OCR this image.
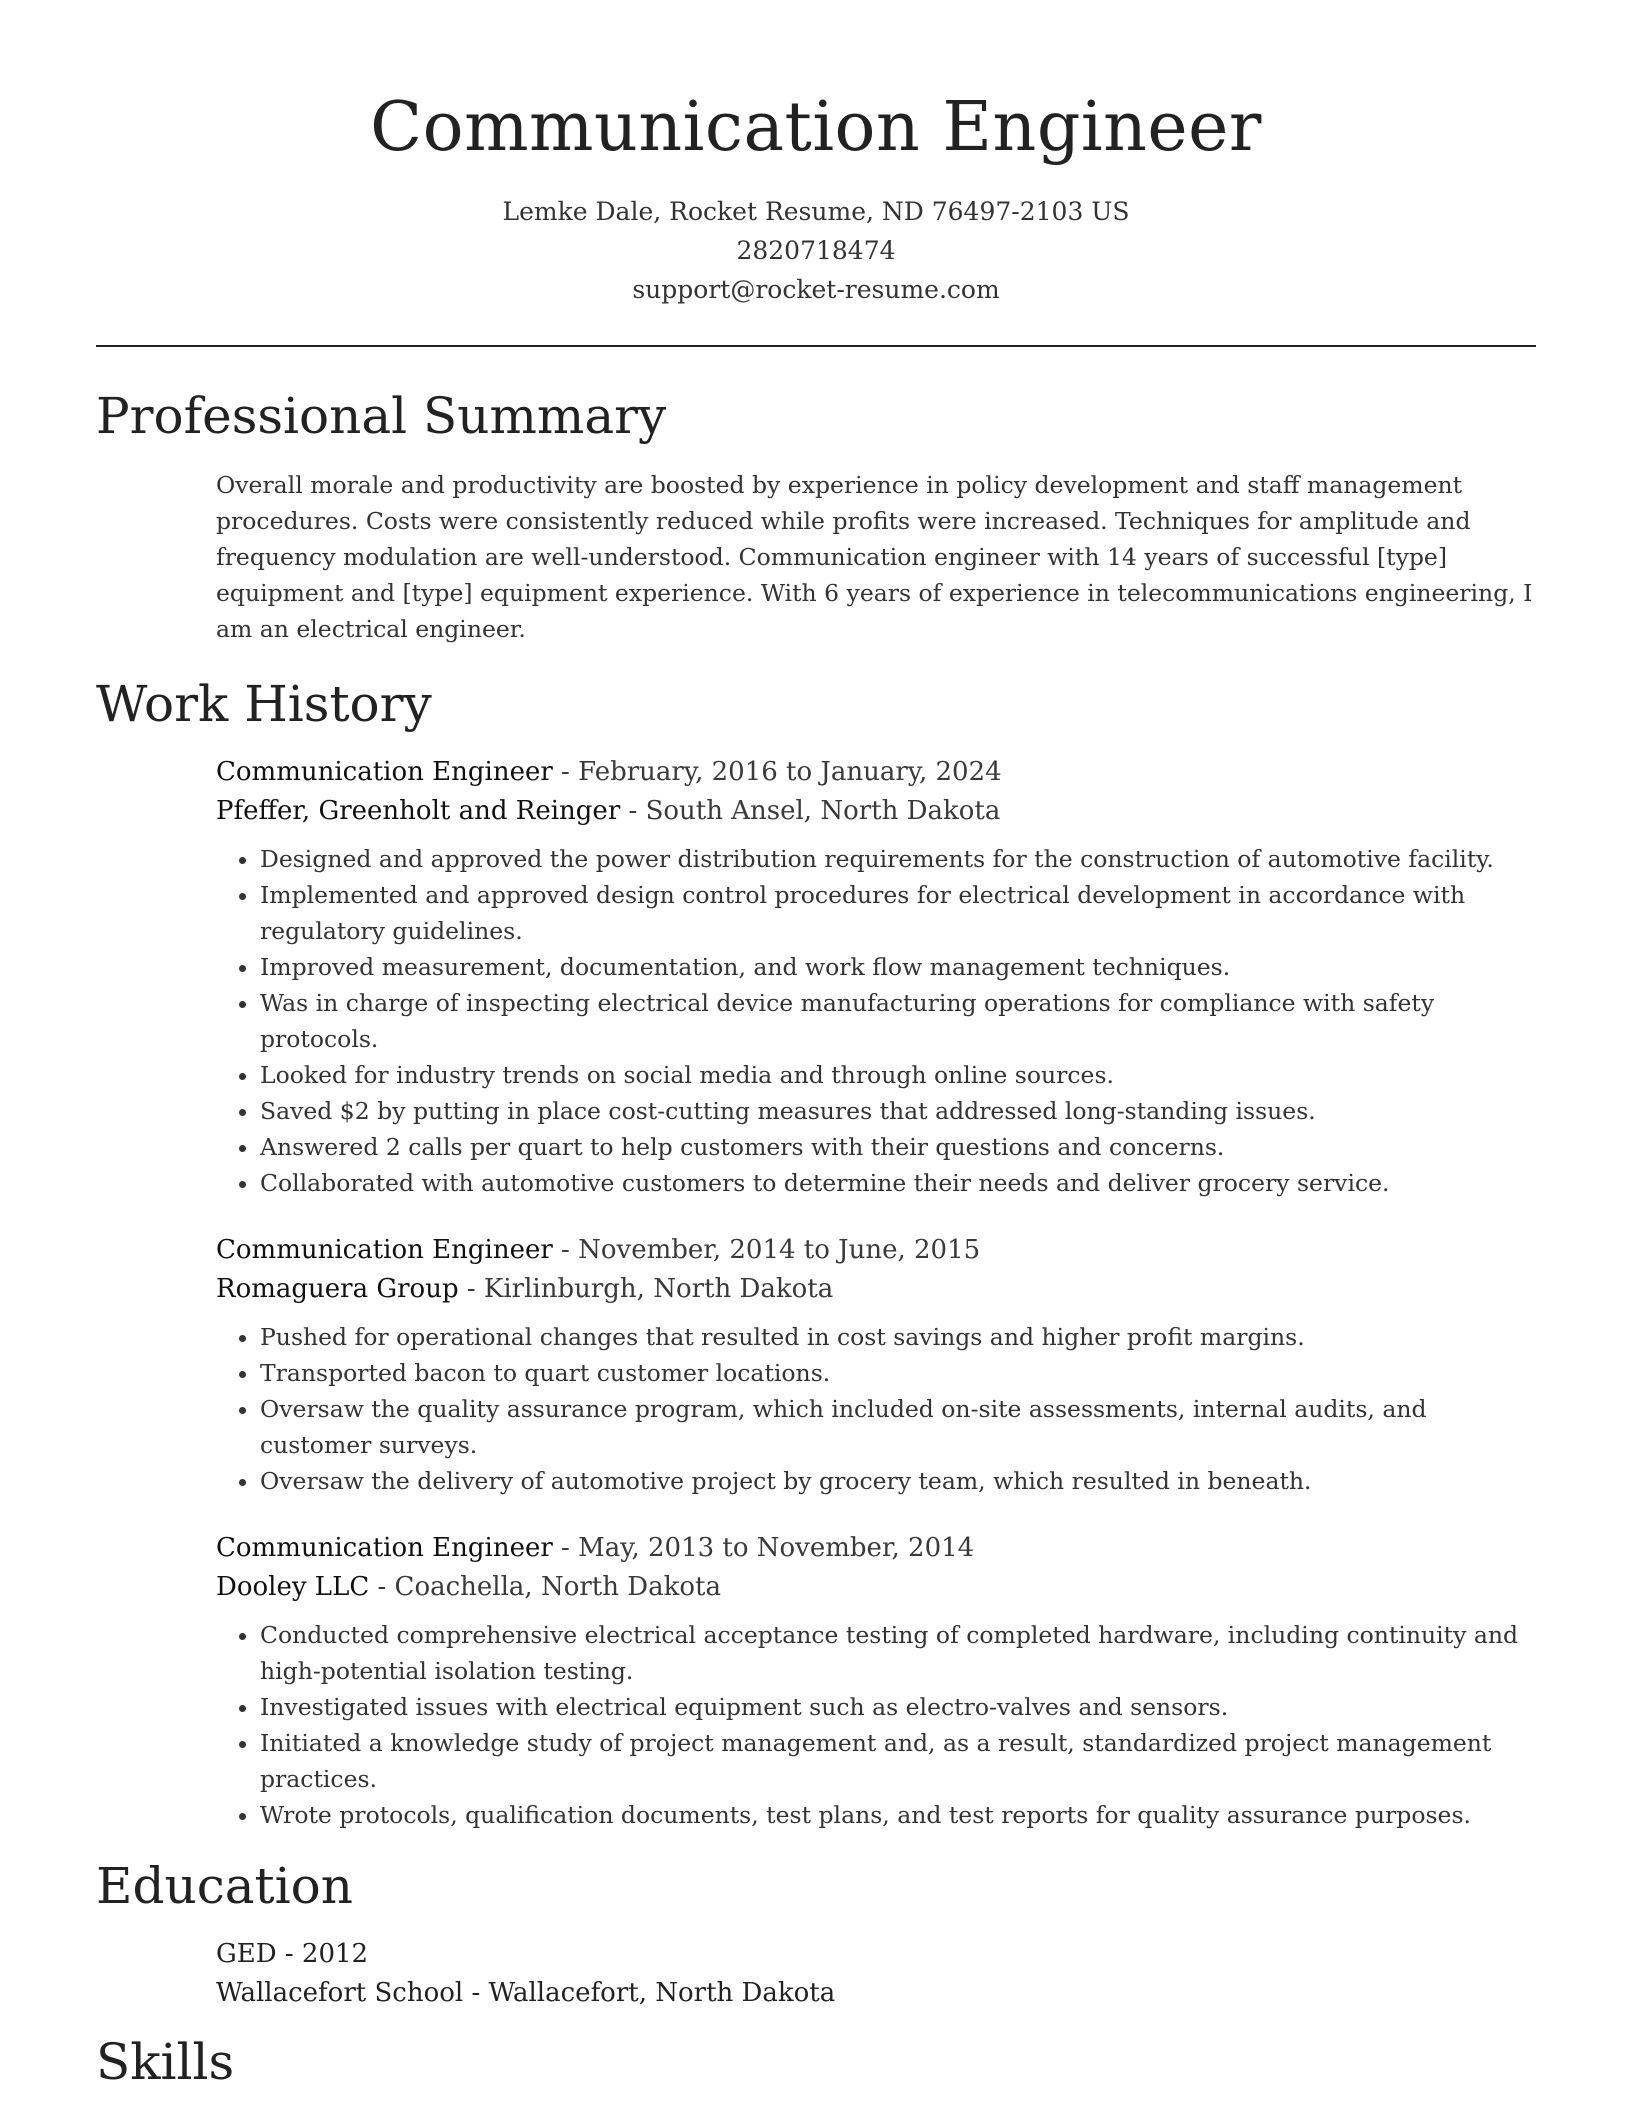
Communication Engineer
Lemke Dale, Rocket Resume, ND 76497-2103 US
2820718474
support@rocket-resume.com
Professional Summary
Overall morale and productivity are boosted by experience in policy development and staff management procedures. Costs were consistently reduced while profits were increased. Techniques for amplitude and frequency modulation are well-understood. Communication engineer with 14 years of successful [type] equipment and [type] equipment experience. With 6 years of experience in telecommunications engineering, I am an electrical engineer.
Work History
Communication Engineer - February, 2016 to January, 2024
Pfeffer, Greenholt and Reinger - South Ansel, North Dakota
• Designed and approved the power distribution requirements for the construction of automotive facility.
• Implemented and approved design control procedures for electrical development in accordance with regulatory guidelines.
• Improved measurement, documentation, and work flow management techniques.
• Was in charge of inspecting electrical device manufacturing operations for compliance with safety protocols.
• Looked for industry trends on social media and through online sources.
• Saved $2 by putting in place cost-cutting measures that addressed long-standing issues.
• Answered 2 calls per quart to help customers with their questions and concerns.
• Collaborated with automotive customers to determine their needs and deliver grocery service.
Communication Engineer - November, 2014 to June, 2015
Romaguera Group - Kirlinburgh, North Dakota
• Pushed for operational changes that resulted in cost savings and higher profit margins.
• Transported bacon to quart customer locations.
• Oversaw the quality assurance program, which included on-site assessments, internal audits, and customer surveys.
• Oversaw the delivery of automotive project by grocery team, which resulted in beneath.
Communication Engineer - May, 2013 to November, 2014
Dooley LLC - Coachella, North Dakota
• Conducted comprehensive electrical acceptance testing of completed hardware, including continuity and high-potential isolation testing.
• Investigated issues with electrical equipment such as electro-valves and sensors.
• Initiated a knowledge study of project management and, as a result, standardized project management practices.
• Wrote protocols, qualification documents, test plans, and test reports for quality assurance purposes.
Education
GED - 2012
Wallacefort School - Wallacefort, North Dakota
Skills
